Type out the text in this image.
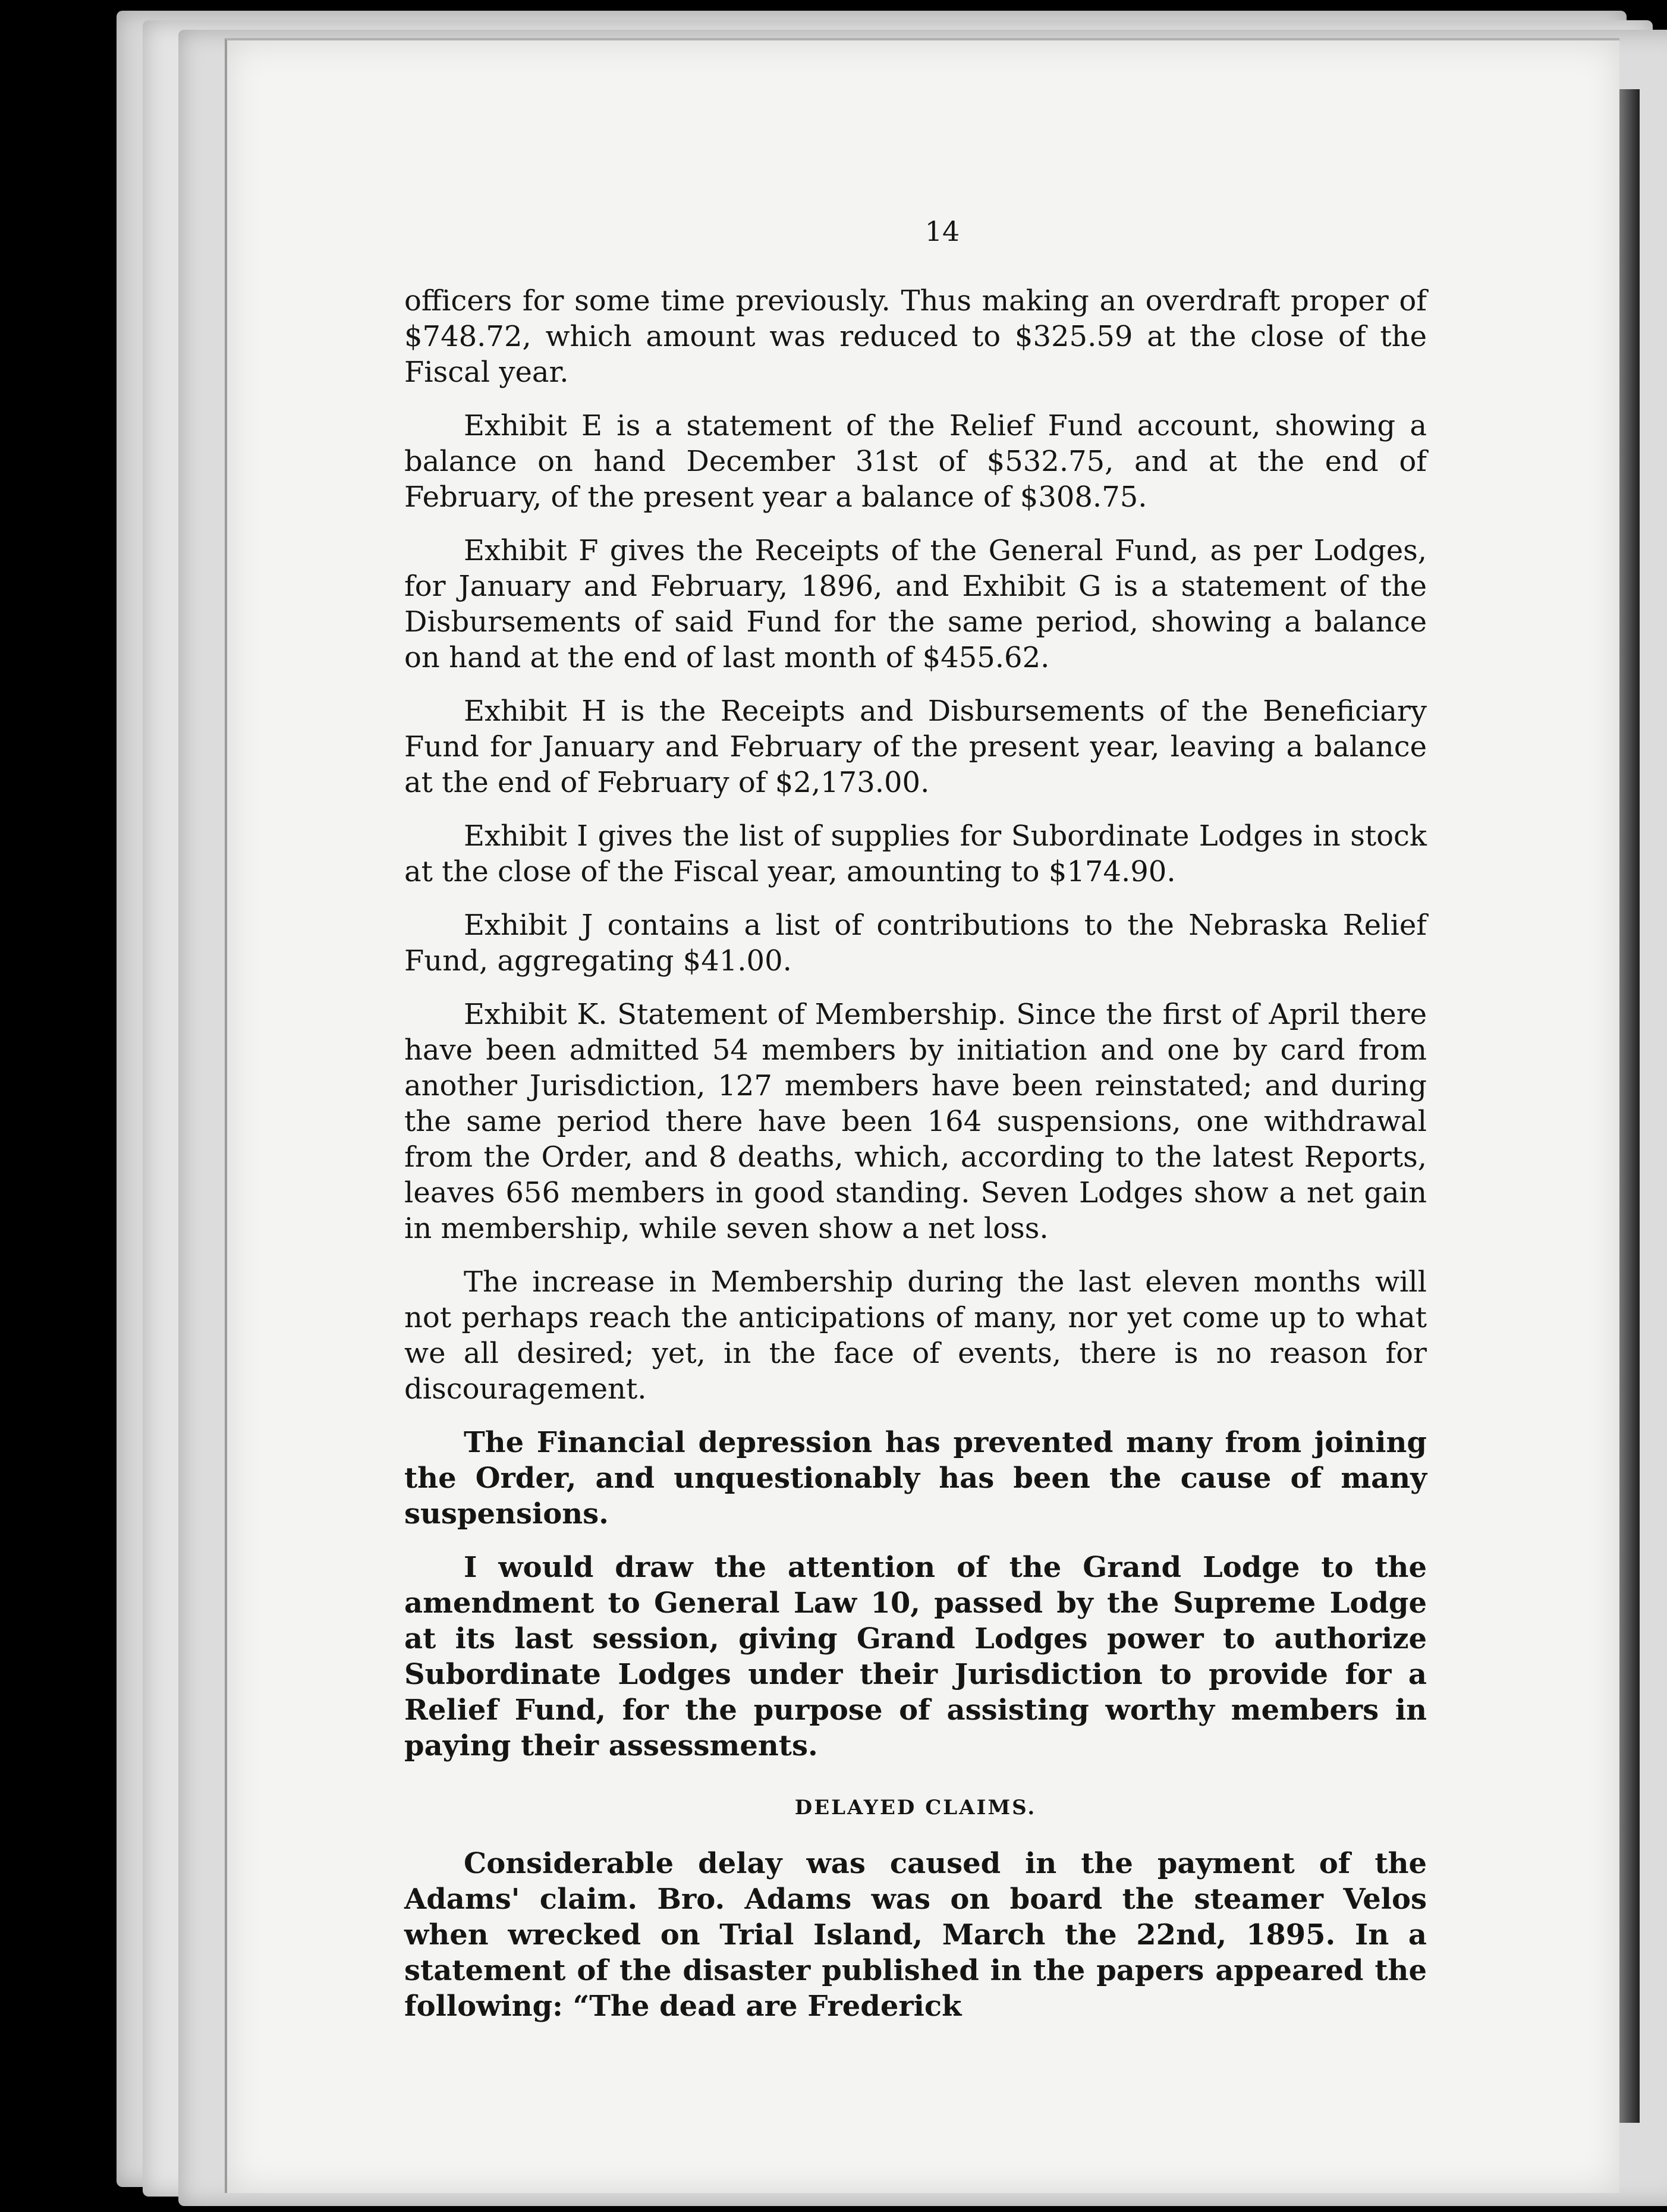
14

officers for some time previously. Thus making an overdraft proper of $748.72, which amount was reduced to $325.59 at the close of the Fiscal year.

Exhibit E is a statement of the Relief Fund account, showing a balance on hand December 31st of $532.75, and at the end of February, of the present year a balance of $308.75.

Exhibit F gives the Receipts of the General Fund, as per Lodges, for January and February, 1896, and Exhibit G is a statement of the Disbursements of said Fund for the same period, showing a balance on hand at the end of last month of $455.62.

Exhibit H is the Receipts and Disbursements of the Beneficiary Fund for January and February of the present year, leaving a balance at the end of February of $2,173.00.

Exhibit I gives the list of supplies for Subordinate Lodges in stock at the close of the Fiscal year, amounting to $174.90.

Exhibit J contains a list of contributions to the Nebraska Relief Fund, aggregating $41.00.

Exhibit K. Statement of Membership. Since the first of April there have been admitted 54 members by initiation and one by card from another Jurisdiction, 127 members have been reinstated; and during the same period there have been 164 suspensions, one withdrawal from the Order, and 8 deaths, which, according to the latest Reports, leaves 656 members in good standing. Seven Lodges show a net gain in membership, while seven show a net loss.

The increase in Membership during the last eleven months will not perhaps reach the anticipations of many, nor yet come up to what we all desired; yet, in the face of events, there is no reason for discouragement.

The Financial depression has prevented many from joining the Order, and unquestionably has been the cause of many suspensions.

I would draw the attention of the Grand Lodge to the amendment to General Law 10, passed by the Supreme Lodge at its last session, giving Grand Lodges power to authorize Subordinate Lodges under their Jurisdiction to provide for a Relief Fund, for the purpose of assisting worthy members in paying their assessments.

DELAYED CLAIMS.

Considerable delay was caused in the payment of the Adams' claim. Bro. Adams was on board the steamer Velos when wrecked on Trial Island, March the 22nd, 1895. In a statement of the disaster published in the papers appeared the following: “The dead are Frederick
